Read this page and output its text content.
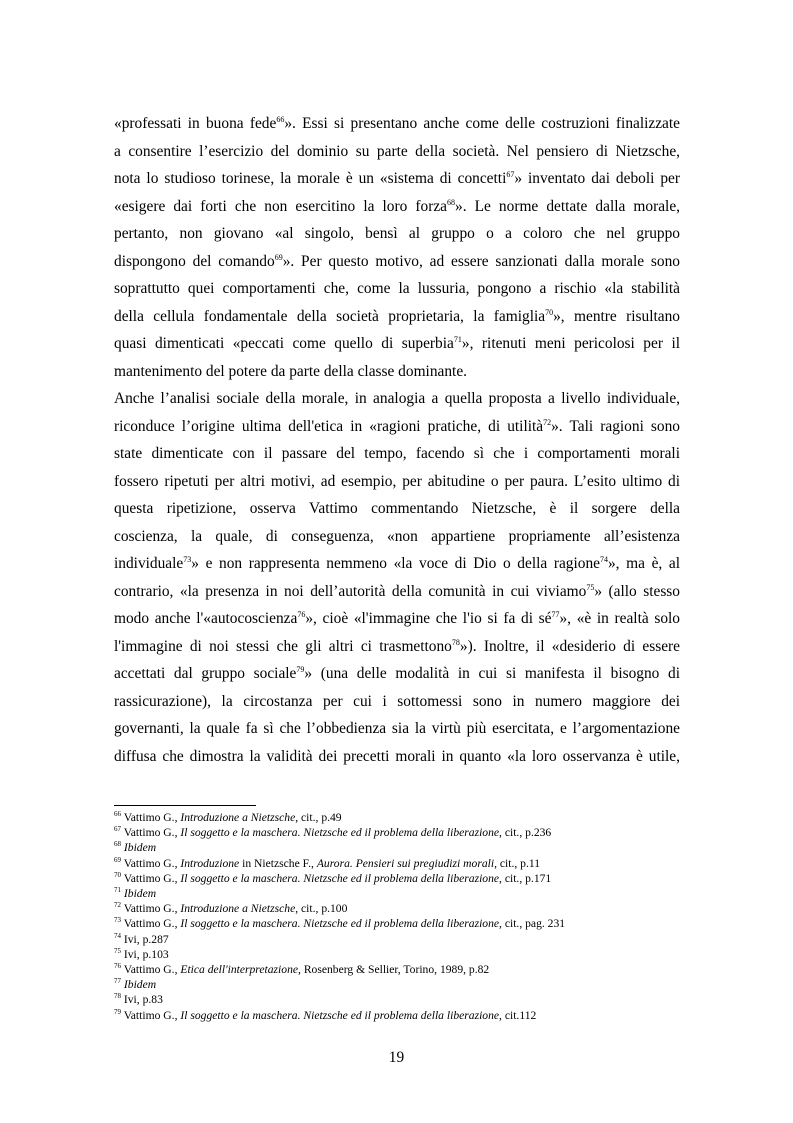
«professati in buona fede$^{66}$». Essi si presentano anche come delle costruzioni finalizzate
a consentire l’esercizio del dominio su parte della società. Nel pensiero di Nietzsche,
nota lo studioso torinese, la morale è un «sistema di concetti$^{67}$» inventato dai deboli per
«esigere dai forti che non esercitino la loro forza$^{68}$». Le norme dettate dalla morale,
pertanto, non giovano «al singolo, bensì al gruppo o a coloro che nel gruppo
dispongono del comando$^{69}$». Per questo motivo, ad essere sanzionati dalla morale sono
soprattutto quei comportamenti che, come la lussuria, pongono a rischio «la stabilità
della cellula fondamentale della società proprietaria, la famiglia$^{70}$», mentre risultano
quasi dimenticati «peccati come quello di superbia$^{71}$», ritenuti meni pericolosi per il
mantenimento del potere da parte della classe dominante.
Anche l’analisi sociale della morale, in analogia a quella proposta a livello individuale,
riconduce l’origine ultima dell'etica in «ragioni pratiche, di utilità$^{72}$». Tali ragioni sono
state dimenticate con il passare del tempo, facendo sì che i comportamenti morali
fossero ripetuti per altri motivi, ad esempio, per abitudine o per paura. L’esito ultimo di
questa ripetizione, osserva Vattimo commentando Nietzsche, è il sorgere della
coscienza, la quale, di conseguenza, «non appartiene propriamente all’esistenza
individuale$^{73}$» e non rappresenta nemmeno «la voce di Dio o della ragione$^{74}$», ma è, al
contrario, «la presenza in noi dell’autorità della comunità in cui viviamo$^{75}$» (allo stesso
modo anche l'«autocoscienza$^{76}$», cioè «l'immagine che l'io si fa di $sé^{77}$», «è in realtà solo
l'immagine di noi stessi che gli altri ci trasmettono$^{78}$»). Inoltre, il «desiderio di essere
accettati dal gruppo sociale$^{79}$» (una delle modalità in cui si manifesta il bisogno di
rassicurazione), la circostanza per cui i sottomessi sono in numero maggiore dei
governanti, la quale fa sì che l’obbedienza sia la virtù più esercitata, e l’argomentazione
diffusa che dimostra la validità dei precetti morali in quanto «la loro osservanza è utile,
$^{66}$ Vattimo G., Introduzione a Nietzsche, cit., p.49
$^{67}$ Vattimo G., Il soggetto e la maschera. Nietzsche ed il problema della liberazione, cit., p.236
$^{68}$ Ibidem
$^{69}$ Vattimo G., Introduzione in Nietzsche F., Aurora. Pensieri sui pregiudizi morali, cit., p.11
$^{70}$ Vattimo G., Il soggetto e la maschera. Nietzsche ed il problema della liberazione, cit., p.171
$^{71}$ Ibidem
$^{72}$ Vattimo G., Introduzione a Nietzsche, cit., p.100
$^{73}$ Vattimo G., Il soggetto e la maschera. Nietzsche ed il problema della liberazione, cit., pag. 231
$^{74}$ Ivi, p.287
$^{75}$ Ivi, p.103
$^{76}$ Vattimo G., Etica dell'interpretazione, Rosenberg & Sellier, Torino, 1989, p.82
$^{77}$ Ibidem
$^{78}$ Ivi, p.83
$^{79}$ Vattimo G., Il soggetto e la maschera. Nietzsche ed il problema della liberazione, cit.112
19
